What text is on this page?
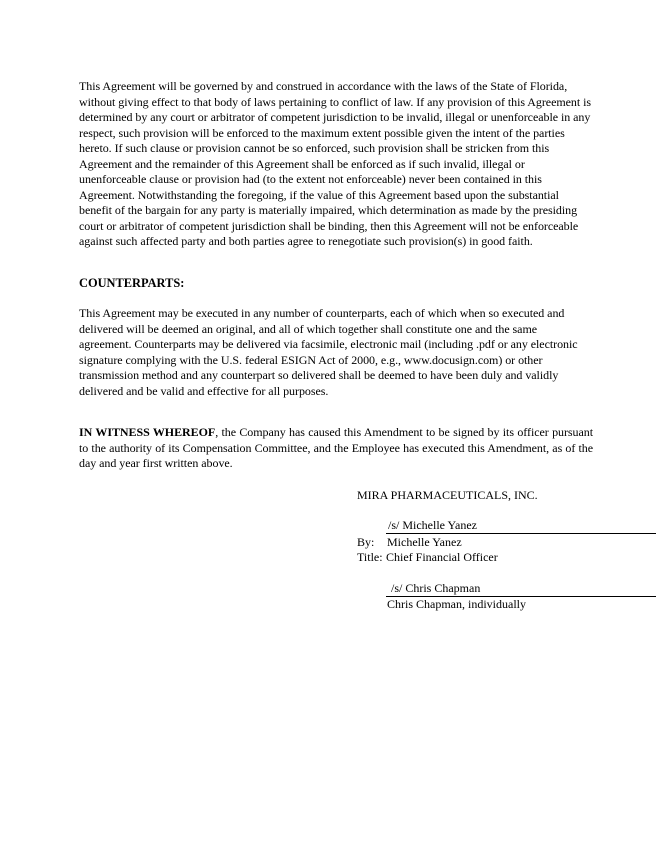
This Agreement will be governed by and construed in accordance with the laws of the State of Florida, without giving effect to that body of laws pertaining to conflict of law. If any provision of this Agreement is determined by any court or arbitrator of competent jurisdiction to be invalid, illegal or unenforceable in any respect, such provision will be enforced to the maximum extent possible given the intent of the parties hereto. If such clause or provision cannot be so enforced, such provision shall be stricken from this Agreement and the remainder of this Agreement shall be enforced as if such invalid, illegal or unenforceable clause or provision had (to the extent not enforceable) never been contained in this Agreement. Notwithstanding the foregoing, if the value of this Agreement based upon the substantial benefit of the bargain for any party is materially impaired, which determination as made by the presiding court or arbitrator of competent jurisdiction shall be binding, then this Agreement will not be enforceable against such affected party and both parties agree to renegotiate such provision(s) in good faith.

COUNTERPARTS:

This Agreement may be executed in any number of counterparts, each of which when so executed and delivered will be deemed an original, and all of which together shall constitute one and the same agreement. Counterparts may be delivered via facsimile, electronic mail (including .pdf or any electronic signature complying with the U.S. federal ESIGN Act of 2000, e.g., www.docusign.com) or other transmission method and any counterpart so delivered shall be deemed to have been duly and validly delivered and be valid and effective for all purposes.

IN WITNESS WHEREOF, the Company has caused this Amendment to be signed by its officer pursuant to the authority of its Compensation Committee, and the Employee has executed this Amendment, as of the day and year first written above.

MIRA PHARMACEUTICALS, INC.
/s/ Michelle Yanez
By: Michelle Yanez
Title: Chief Financial Officer
/s/ Chris Chapman
Chris Chapman, individually
